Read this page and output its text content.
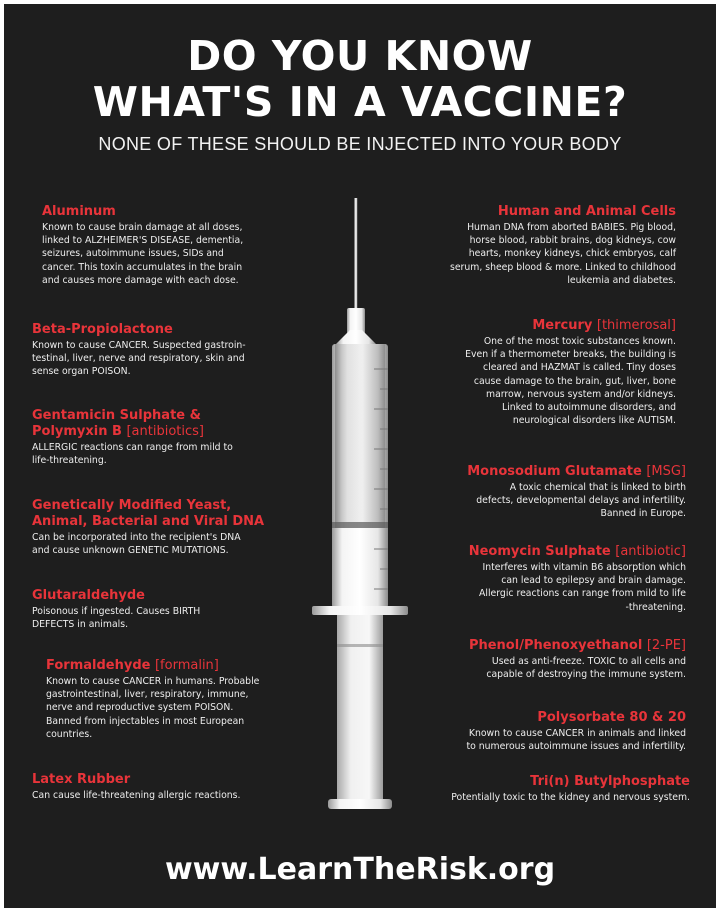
DO YOU KNOW
WHAT'S IN A VACCINE?
NONE OF THESE SHOULD BE INJECTED INTO YOUR BODY
Aluminum
Known to cause brain damage at all doses,
linked to ALZHEIMER'S DISEASE, dementia,
seizures, autoimmune issues, SIDs and
cancer. This toxin accumulates in the brain
and causes more damage with each dose.
Beta-Propiolactone
Known to cause CANCER. Suspected gastroin-
testinal, liver, nerve and respiratory, skin and
sense organ POISON.
Gentamicin Sulphate &
Polymyxin B [antibiotics]
ALLERGIC reactions can range from mild to
life-threatening.
Genetically Modified Yeast,
Animal, Bacterial and Viral DNA
Can be incorporated into the recipient's DNA
and cause unknown GENETIC MUTATIONS.
Glutaraldehyde
Poisonous if ingested. Causes BIRTH
DEFECTS in animals.
Formaldehyde [formalin]
Known to cause CANCER in humans. Probable
gastrointestinal, liver, respiratory, immune,
nerve and reproductive system POISON.
Banned from injectables in most European
countries.
Latex Rubber
Can cause life-threatening allergic reactions.
Human and Animal Cells
Human DNA from aborted BABIES. Pig blood,
horse blood, rabbit brains, dog kidneys, cow
hearts, monkey kidneys, chick embryos, calf
serum, sheep blood & more. Linked to childhood
leukemia and diabetes.
Mercury [thimerosal]
One of the most toxic substances known.
Even if a thermometer breaks, the building is
cleared and HAZMAT is called. Tiny doses
cause damage to the brain, gut, liver, bone
marrow, nervous system and/or kidneys.
Linked to autoimmune disorders, and
neurological disorders like AUTISM.
Monosodium Glutamate [MSG]
A toxic chemical that is linked to birth
defects, developmental delays and infertility.
Banned in Europe.
Neomycin Sulphate [antibiotic]
Interferes with vitamin B6 absorption which
can lead to epilepsy and brain damage.
Allergic reactions can range from mild to life
-threatening.
Phenol/Phenoxyethanol [2-PE]
Used as anti-freeze. TOXIC to all cells and
capable of destroying the immune system.
Polysorbate 80 & 20
Known to cause CANCER in animals and linked
to numerous autoimmune issues and infertility.
Tri(n) Butylphosphate
Potentially toxic to the kidney and nervous system.
www.LearnTheRisk.org
